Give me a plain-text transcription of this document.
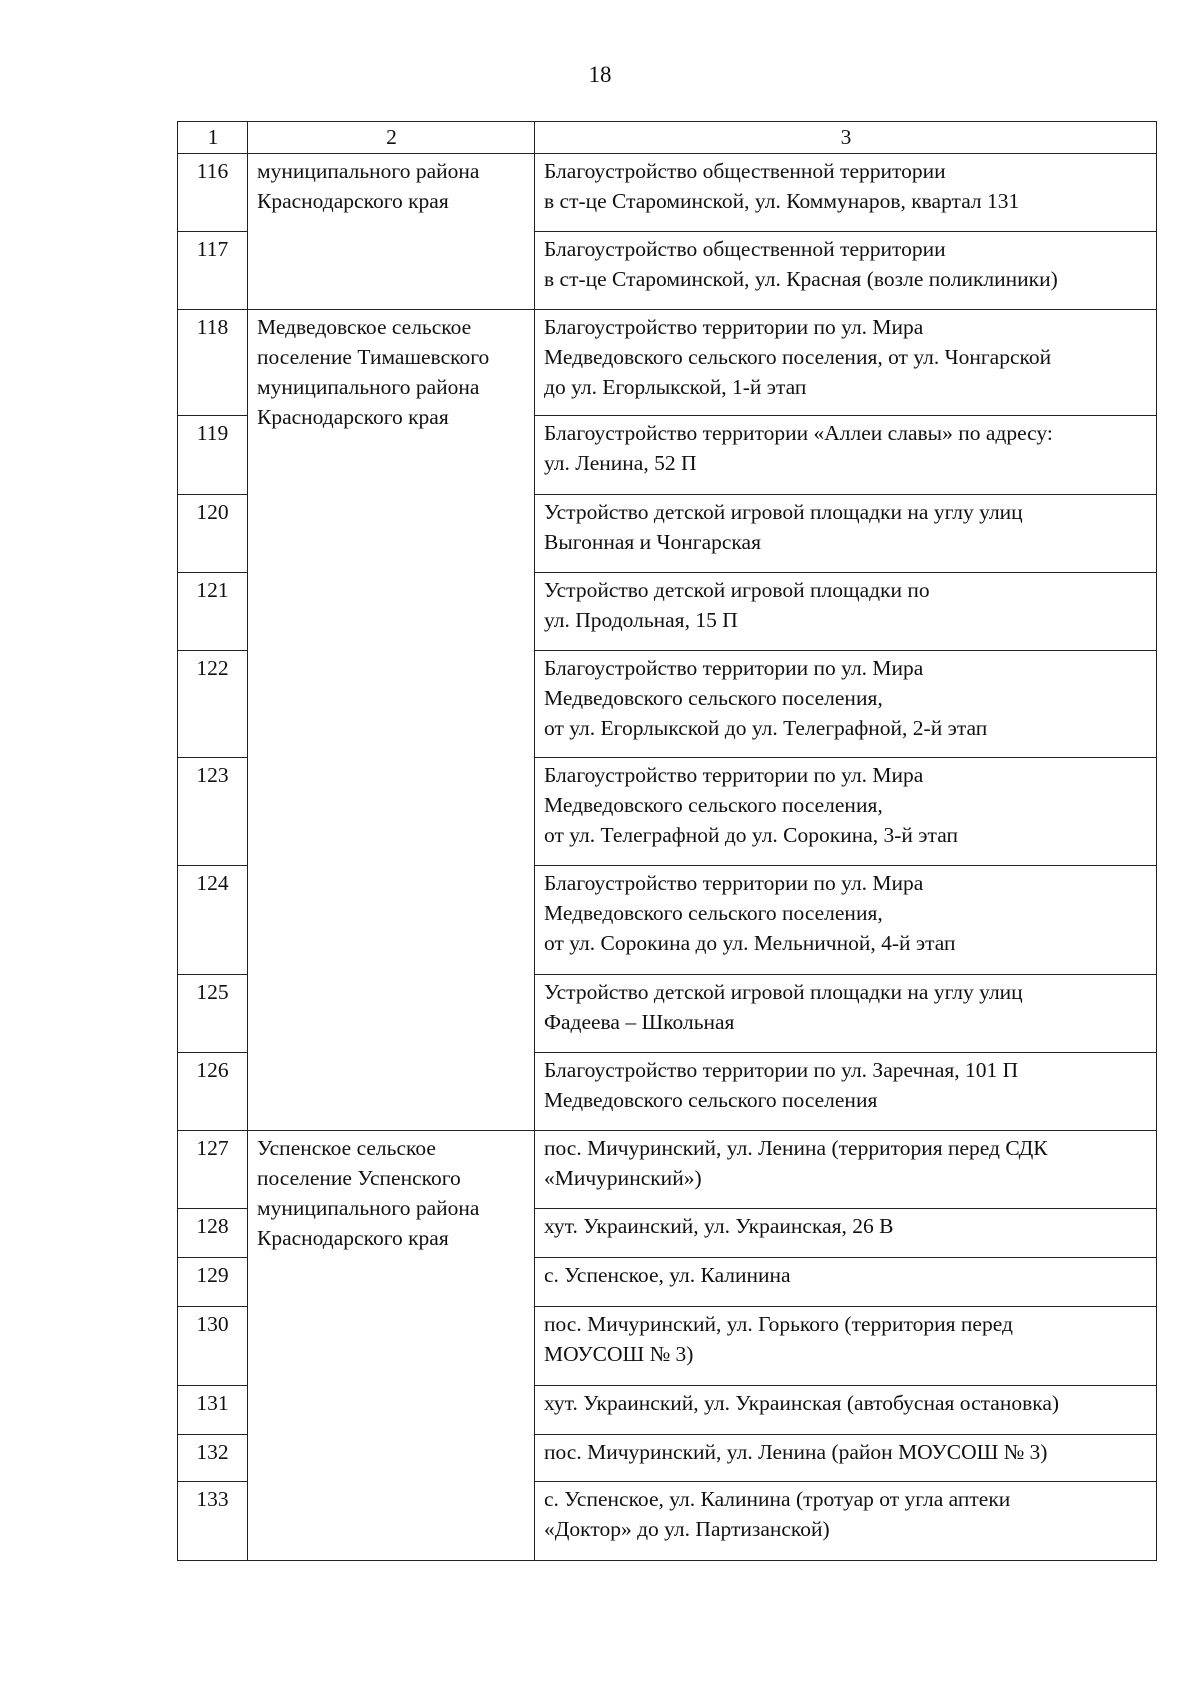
18
1	2	3
116	муниципального района
Краснодарского края	Благоустройство общественной территории
в ст-це Староминской, ул. Коммунаров, квартал 131
117		Благоустройство общественной территории
в ст-це Староминской, ул. Красная (возле поликлиники)
118	Медведовское сельское
поселение Тимашевского
муниципального района
Краснодарского края	Благоустройство территории по ул. Мира
Медведовского сельского поселения, от ул. Чонгарской
до ул. Егорлыкской, 1-й этап
119		Благоустройство территории «Аллеи славы» по адресу:
ул. Ленина, 52 П
120		Устройство детской игровой площадки на углу улиц
Выгонная и Чонгарская
121		Устройство детской игровой площадки по
ул. Продольная, 15 П
122		Благоустройство территории по ул. Мира
Медведовского сельского поселения,
от ул. Егорлыкской до ул. Телеграфной, 2-й этап
123		Благоустройство территории по ул. Мира
Медведовского сельского поселения,
от ул. Телеграфной до ул. Сорокина, 3-й этап
124		Благоустройство территории по ул. Мира
Медведовского сельского поселения,
от ул. Сорокина до ул. Мельничной, 4-й этап
125		Устройство детской игровой площадки на углу улиц
Фадеева – Школьная
126		Благоустройство территории по ул. Заречная, 101 П
Медведовского сельского поселения
127	Успенское сельское
поселение Успенского
муниципального района
Краснодарского края	пос. Мичуринский, ул. Ленина (территория перед СДК
«Мичуринский»)
128		хут. Украинский, ул. Украинская, 26 В
129		с. Успенское, ул. Калинина
130		пос. Мичуринский, ул. Горького (территория перед
МОУСОШ № 3)
131		хут. Украинский, ул. Украинская (автобусная остановка)
132		пос. Мичуринский, ул. Ленина (район МОУСОШ № 3)
133		с. Успенское, ул. Калинина (тротуар от угла аптеки
«Доктор» до ул. Партизанской)
